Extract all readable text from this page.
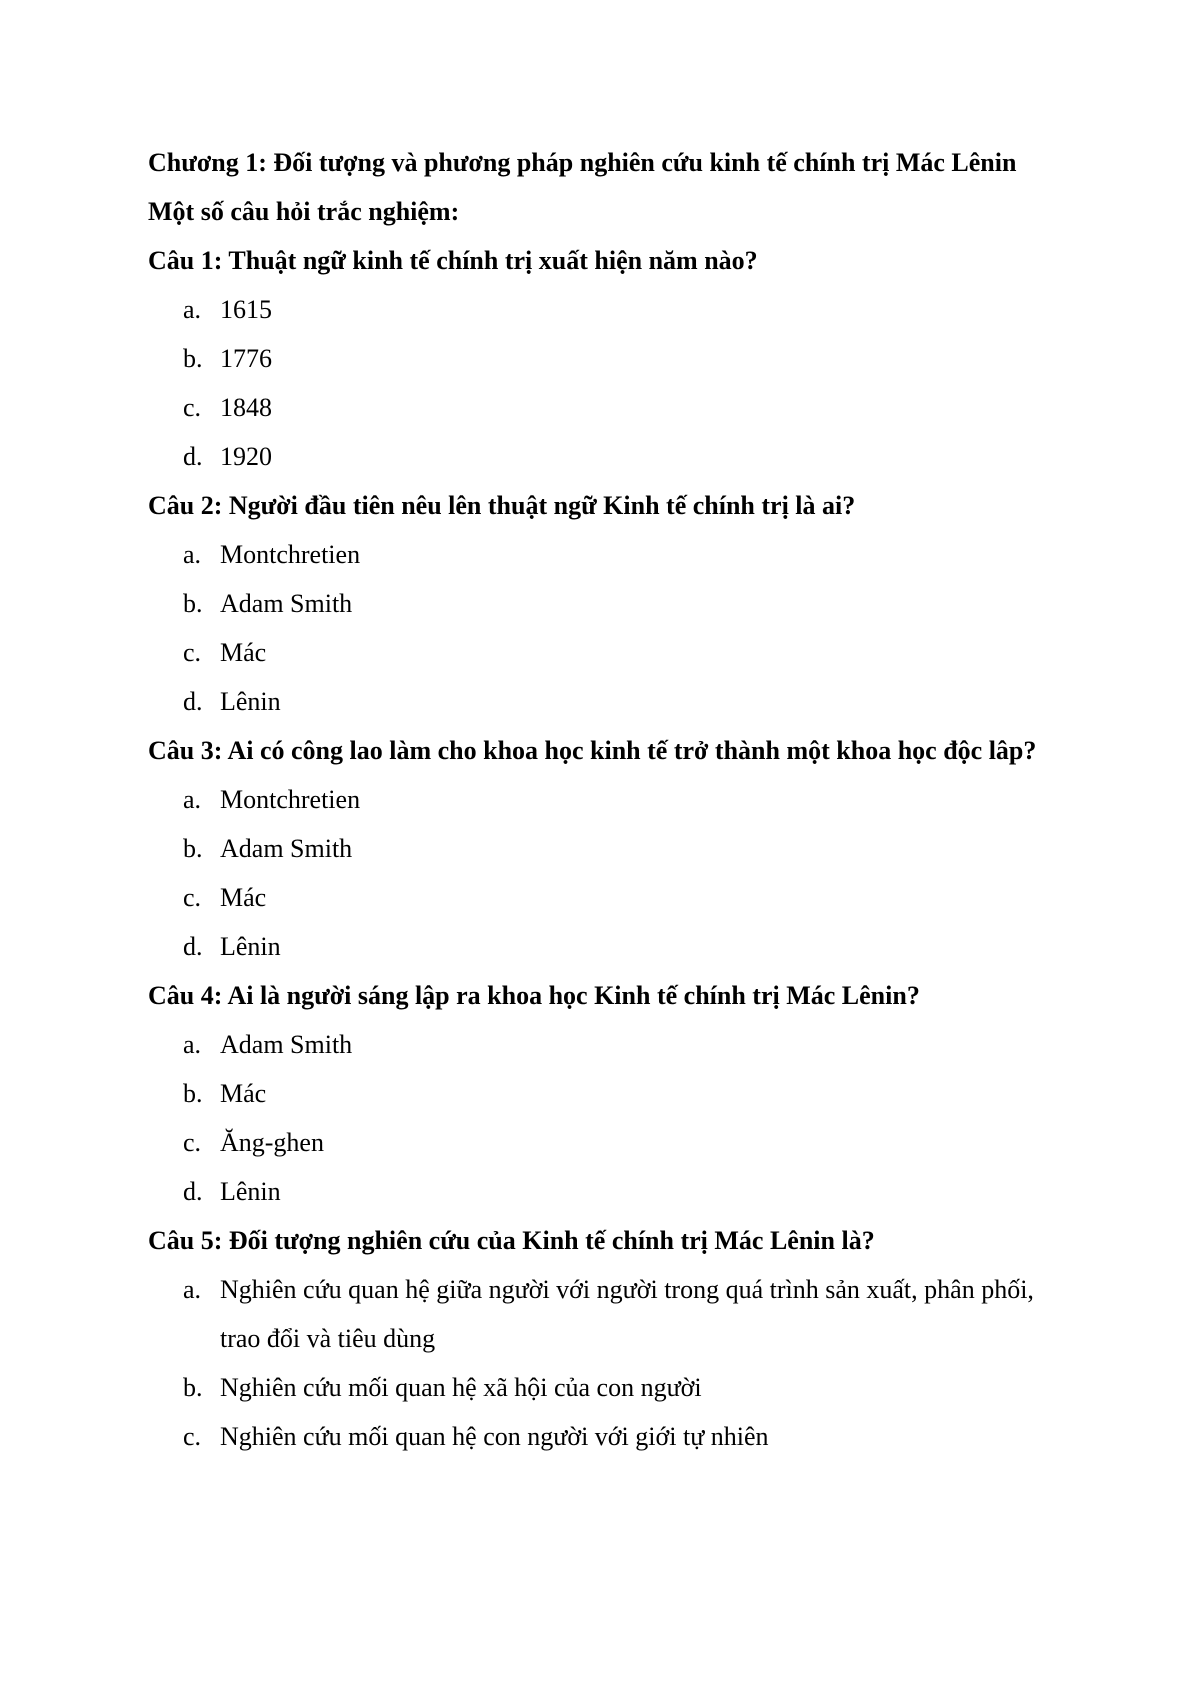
Chương 1: Đối tượng và phương pháp nghiên cứu kinh tế chính trị Mác Lênin
Một số câu hỏi trắc nghiệm:
Câu 1: Thuật ngữ kinh tế chính trị xuất hiện năm nào?
a. 1615
b. 1776
c. 1848
d. 1920
Câu 2: Người đầu tiên nêu lên thuật ngữ Kinh tế chính trị là ai?
a. Montchretien
b. Adam Smith
c. Mác
d. Lênin
Câu 3: Ai có công lao làm cho khoa học kinh tế trở thành một khoa học độc lâp?
a. Montchretien
b. Adam Smith
c. Mác
d. Lênin
Câu 4: Ai là người sáng lập ra khoa học Kinh tế chính trị Mác Lênin?
a. Adam Smith
b. Mác
c. Ăng-ghen
d. Lênin
Câu 5: Đối tượng nghiên cứu của Kinh tế chính trị Mác Lênin là?
a. Nghiên cứu quan hệ giữa người với người trong quá trình sản xuất, phân phối, trao đổi và tiêu dùng
b. Nghiên cứu mối quan hệ xã hội của con người
c. Nghiên cứu mối quan hệ con người với giới tự nhiên
